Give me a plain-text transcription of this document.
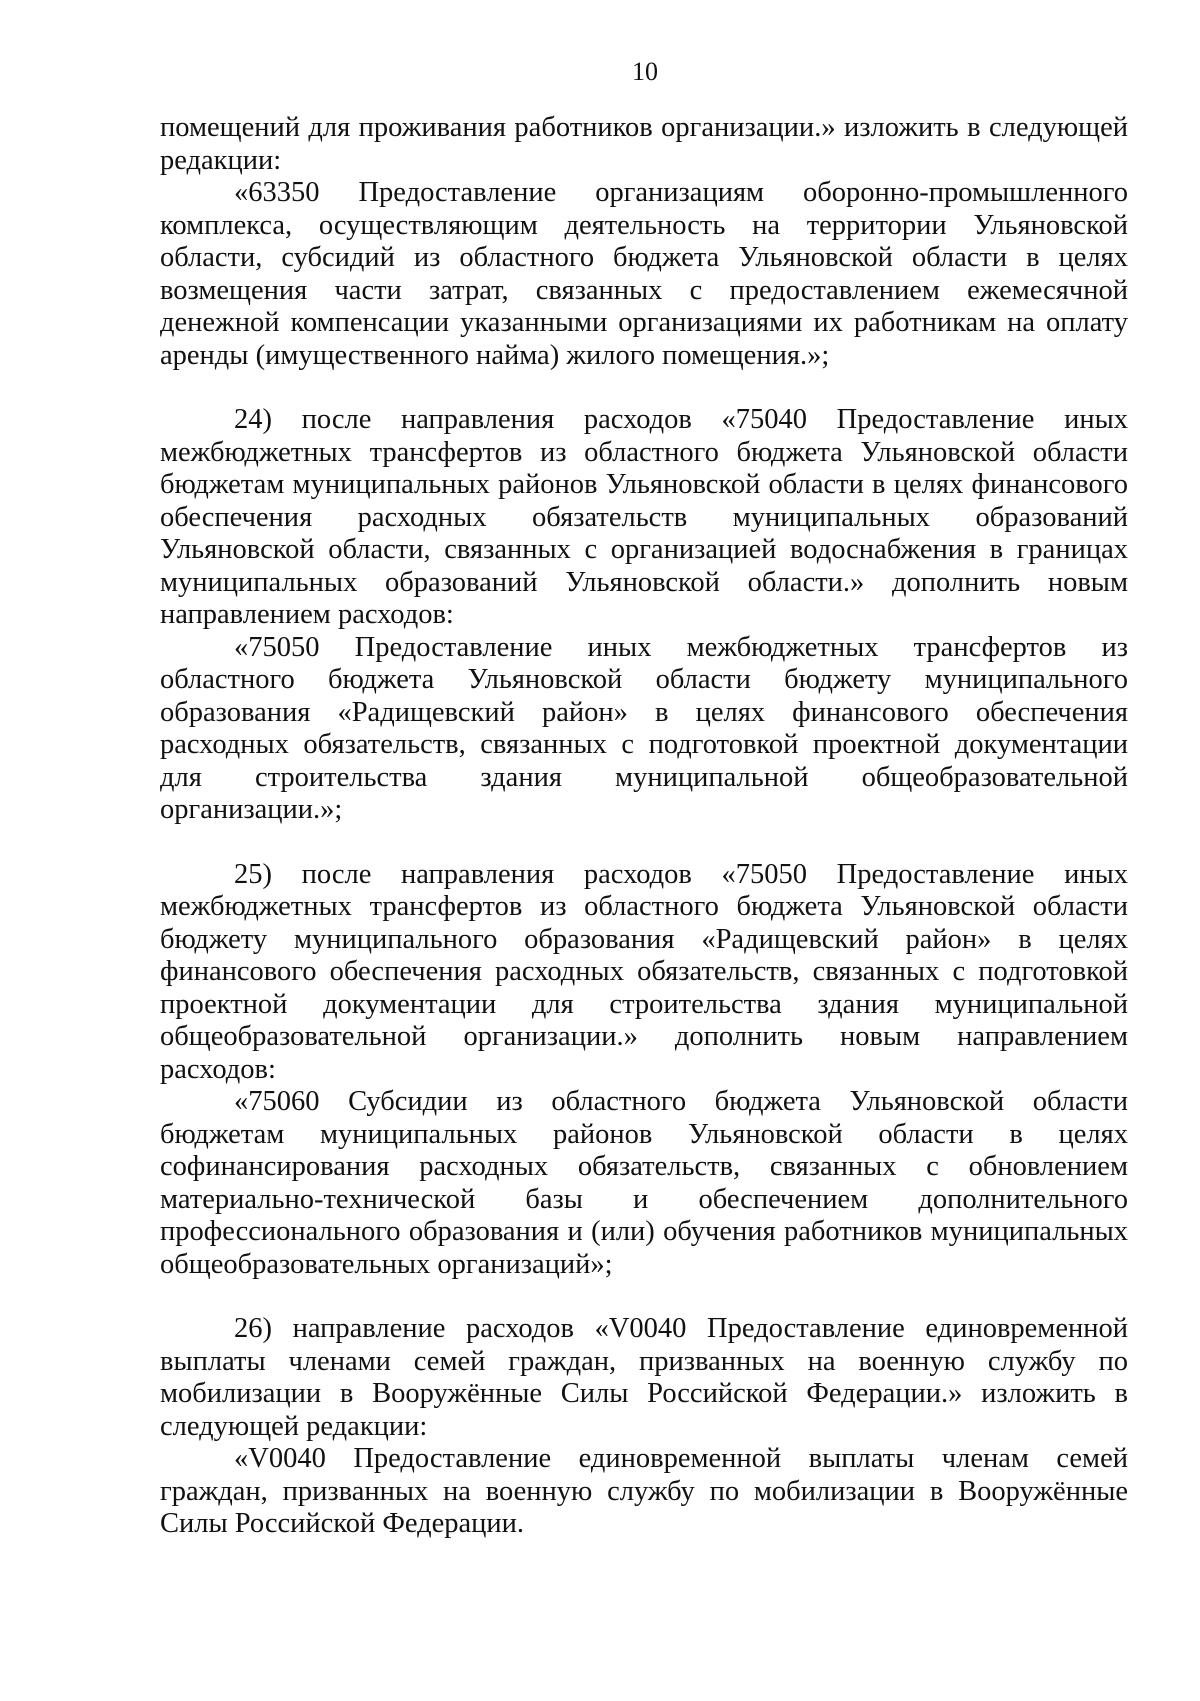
10

помещений для проживания работников организации.» изложить в следующей редакции:

«63350 Предоставление организациям оборонно-промышленного комплекса, осуществляющим деятельность на территории Ульяновской области, субсидий из областного бюджета Ульяновской области в целях возмещения части затрат, связанных с предоставлением ежемесячной денежной компенсации указанными организациями их работникам на оплату аренды (имущественного найма) жилого помещения.»;

24) после направления расходов «75040 Предоставление иных межбюджетных трансфертов из областного бюджета Ульяновской области бюджетам муниципальных районов Ульяновской области в целях финансового обеспечения расходных обязательств муниципальных образований Ульяновской области, связанных с организацией водоснабжения в границах муниципальных образований Ульяновской области.» дополнить новым направлением расходов:

«75050 Предоставление иных межбюджетных трансфертов из областного бюджета Ульяновской области бюджету муниципального образования «Радищевский район» в целях финансового обеспечения расходных обязательств, связанных с подготовкой проектной документации для строительства здания муниципальной общеобразовательной организации.»;

25) после направления расходов «75050 Предоставление иных межбюджетных трансфертов из областного бюджета Ульяновской области бюджету муниципального образования «Радищевский район» в целях финансового обеспечения расходных обязательств, связанных с подготовкой проектной документации для строительства здания муниципальной общеобразовательной организации.» дополнить новым направлением расходов:

«75060 Субсидии из областного бюджета Ульяновской области бюджетам муниципальных районов Ульяновской области в целях софинансирования расходных обязательств, связанных с обновлением материально-технической базы и обеспечением дополнительного профессионального образования и (или) обучения работников муниципальных общеобразовательных организаций»;

26) направление расходов «V0040 Предоставление единовременной выплаты членами семей граждан, призванных на военную службу по мобилизации в Вооружённые Силы Российской Федерации.» изложить в следующей редакции:

«V0040 Предоставление единовременной выплаты членам семей граждан, призванных на военную службу по мобилизации в Вооружённые Силы Российской Федерации.
